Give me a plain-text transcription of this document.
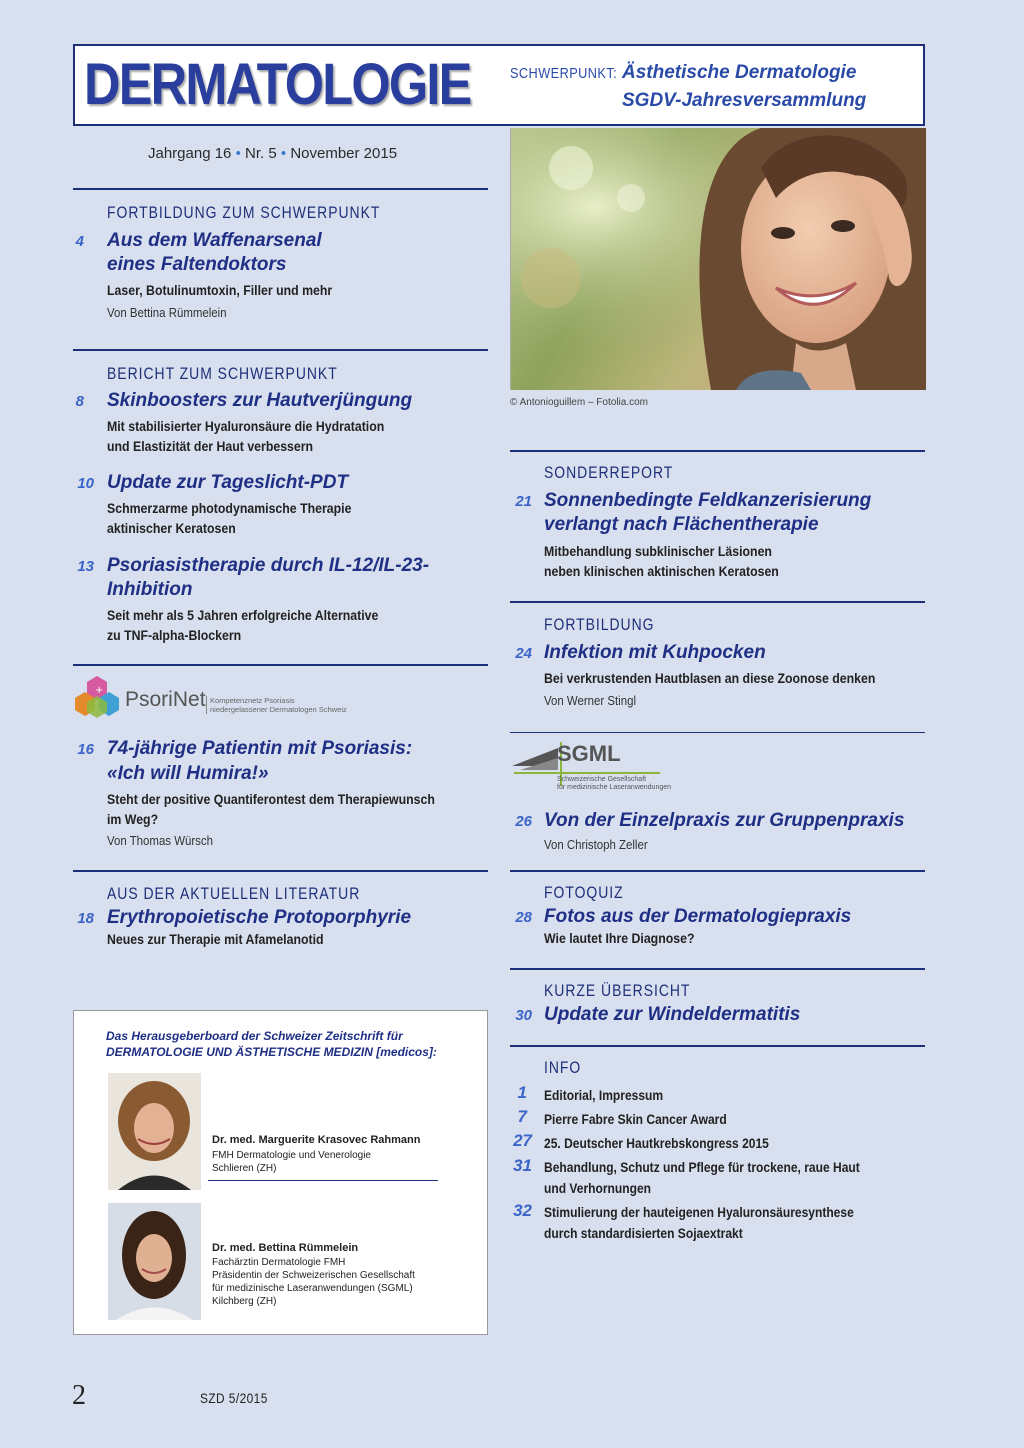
DERMATOLOGIE	SCHWERPUNKT: Ästhetische Dermatologie
SGDV-Jahresversammlung
Jahrgang 16 • Nr. 5 • November 2015
© Antonioguillem – Fotolia.com
FORTBILDUNG ZUM SCHWERPUNKT
4 Aus dem Waffenarsenal
eines Faltendoktors
Laser, Botulinumtoxin, Filler und mehr
Von Bettina Rümmelein
BERICHT ZUM SCHWERPUNKT
8 Skinboosters zur Hautverjüngung
Mit stabilisierter Hyaluronsäure die Hydratation
und Elastizität der Haut verbessern
10 Update zur Tageslicht-PDT
Schmerzarme photodynamische Therapie
aktinischer Keratosen
13 Psoriasistherapie durch IL-12/IL-23-
Inhibition
Seit mehr als 5 Jahren erfolgreiche Alternative
zu TNF-alpha-Blockern
+ PsoriNet Kompetenznetz Psoriasis
niedergelassener Dermatologen Schweiz
16 74-jährige Patientin mit Psoriasis:
«Ich will Humira!»
Steht der positive Quantiferontest dem Therapiewunsch
im Weg?
Von Thomas Würsch
AUS DER AKTUELLEN LITERATUR
18 Erythropoietische Protoporphyrie
Neues zur Therapie mit Afamelanotid
Das Herausgeberboard der Schweizer Zeitschrift für
DERMATOLOGIE UND ÄSTHETISCHE MEDIZIN [medicos]:
Dr. med. Marguerite Krasovec Rahmann
FMH Dermatologie und Venerologie
Schlieren (ZH)
Dr. med. Bettina Rümmelein
Fachärztin Dermatologie FMH
Präsidentin der Schweizerischen Gesellschaft
für medizinische Laseranwendungen (SGML)
Kilchberg (ZH)
SONDERREPORT
21 Sonnenbedingte Feldkanzerisierung
verlangt nach Flächentherapie
Mitbehandlung subklinischer Läsionen
neben klinischen aktinischen Keratosen
FORTBILDUNG
24 Infektion mit Kuhpocken
Bei verkrustenden Hautblasen an diese Zoonose denken
Von Werner Stingl
SGML
Schweizerische Gesellschaft
für medizinische Laseranwendungen
26 Von der Einzelpraxis zur Gruppenpraxis
Von Christoph Zeller
FOTOQUIZ
28 Fotos aus der Dermatologiepraxis
Wie lautet Ihre Diagnose?
KURZE ÜBERSICHT
30 Update zur Windeldermatitis
INFO
1 Editorial, Impressum
7 Pierre Fabre Skin Cancer Award
27 25. Deutscher Hautkrebskongress 2015
31 Behandlung, Schutz und Pflege für trockene, raue Haut
und Verhornungen
32 Stimulierung der hauteigenen Hyaluronsäuresynthese
durch standardisierten Sojaextrakt
2	SZD 5/2015
